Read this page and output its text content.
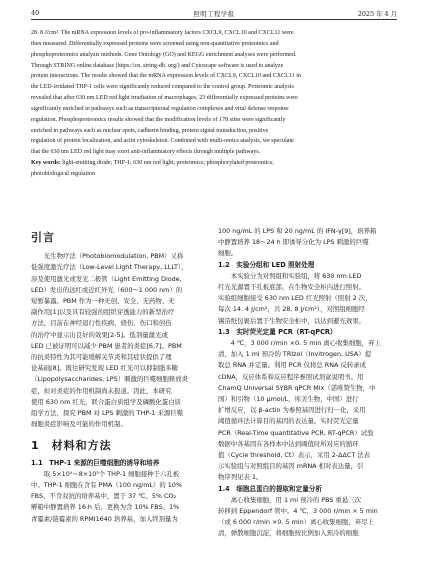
40	照明工程学报	2025 年 4 月
28. 8 J/cm². The mRNA expression levels of pro-inflammatory factors CXCL9, CXCL10 and CXCL11 were
then measured. Differentially expressed proteins were screened using non-quantitative proteomics and
phosphoproteomics analysis methods. Gene Ontology (GO) and KEGG enrichment analyses were performed.
Through STRING online database (https://cn. string-db. org/) and Cytoscape software is used to analyze
protein interactions. The results showed that the mRNA expression levels of CXCL9, CXCL10 and CXCL11 in
the LED-irridated THP-1 cells were significantly reduced compared to the control group. Proteomic analysis
revealed that after 630 nm LED red light irradiation of macrophages, 23 differentially expressed proteins were
significantly enriched in pathways such as transcriptional regulation complexes and viral defense response
regulation. Phosphoproteomics results showed that the modification levels of 178 sites were significantly
enriched in pathways such as nuclear spots, cadherin binding, protein signal transduction, positive
regulation of protein localization, and actin cytoskeleton. Combined with multi-omics analysis, we speculate
that the 630 nm LED red light may exert anti-inflammatory effects through multiple pathways.
Key words: light-emitting diode; THP-1; 630 nm red light; proteomics; phosphorylated proteomics;
photobiological regulation
引言
光生物疗法（Photobiomodulation, PBM）又称
低强度激光疗法（Low-Level Light Therapy, LLLT），
涉及使用激光或发光二极管（Light Emitting Diode,
LED）发出的远红或近红外光（600～1 000 nm）的
短暂暴露。PBM 作为一种无创、安全、无药物、无
副作用[1]以及具有较强的组织穿透能力的新型治疗
方法，目前在神经退行性疾病、烧伤、伤口和创伤
的治疗中显示出良好的效果[2-5]。低剂量激光或
LED 已被证明可以减少 PBM 患者的炎症[6,7]。PBM
的抗炎特性为其可能缓解关节炎和其症状提供了理
论基础[8]。既往研究发现 LED 红光可以抑制脂多糖
（Lipopolysaccharides, LPS）刺激的巨噬细胞释放炎
症，但对炎症的作用机制尚未报道。因此，本研究
使用 630 nm 红光，联合蛋白质组学及磷酸化蛋白质
组学方法，探究 PBM 对 LPS 刺激的 THP-1 来源巨噬
细胞炎症影响及可能的作用机制。
1　材料和方法
1.1　THP-1 来源的巨噬细胞的诱导和培养
取 5×10⁵～8×10⁵个 THP-1 细胞接种于六孔板
中。THP-1 细胞在含有 PMA（100 ng/mL）的 10%
FBS、不含双抗的培养基中，置于 37 ℃、5% CO₂
孵箱中静置培养 16 h 后，更换为含 10% FBS、1%
青霉素/链霉素的 RPMI1640 培养基，加入终剂量为
100 ng/mL 的 LPS 和 20 ng/mL 的 IFN-γ[9]，培养箱
中静置培养 18～24 h 即诱导分化为 LPS 刺激的巨噬
细胞。
1.2　实验分组和 LED 照射处理
本实验分为对照组和实验组，将 630 nm LED
红光光源置于孔板底部，在生物安全柜内进行照射。
实验组细胞接受 630 nm LED 红光照射（照射 2 次，
每次 14. 4 J/cm²，共 28. 8 J/cm²），对照组细胞经
锡箔纸包裹后置于生物安全柜中，以达到避光效果。
1.3　实时荧光定量 PCR（RT-qPCR）
4 ℃，3 000 r/min ×0. 5 min 离心收集细胞，弃上
清，加入 1 ml 预冷的 TRIzol（Invitrogen, USA）提
取总 RNA 并定量。利用 PCR 仪将总 RNA 反转录成
cDNA，反应体系和反应程序参照试剂盒说明书。用
ChamQ Universal SYBR qPCR Mix（诺唯赞生物，中
国）和引物（10 μmol/L，库美生物，中国）进行
扩增反应，以 β-actin 为参照基因进行归一化，采用
阈值循环法计算目的基因的表达量。实时荧光定量
PCR（Real-Time quantitative PCR, RT-qPCR）试验
数据中各基因在各样本中达到阈值时所对应的循环
值（Cycle threshold, Ct）表示，采用 2-ΔΔCT 法表
示实验组与对照组目的基因 mRNA 相对表达量，引
物序列见表 1。
1.4　细胞总蛋白的提取和定量分析
离心收集细胞，用 1 ml 预冷的 PBS 重悬三次
转移到 Eppendorf 管中。4 ℃，3 000 r/min × 5 min
（或 6 000 r/min ×0. 5 min）离心收集细胞，弃尽上
清，弹散细胞沉淀，将细胞按比例加入预冷的细胞
